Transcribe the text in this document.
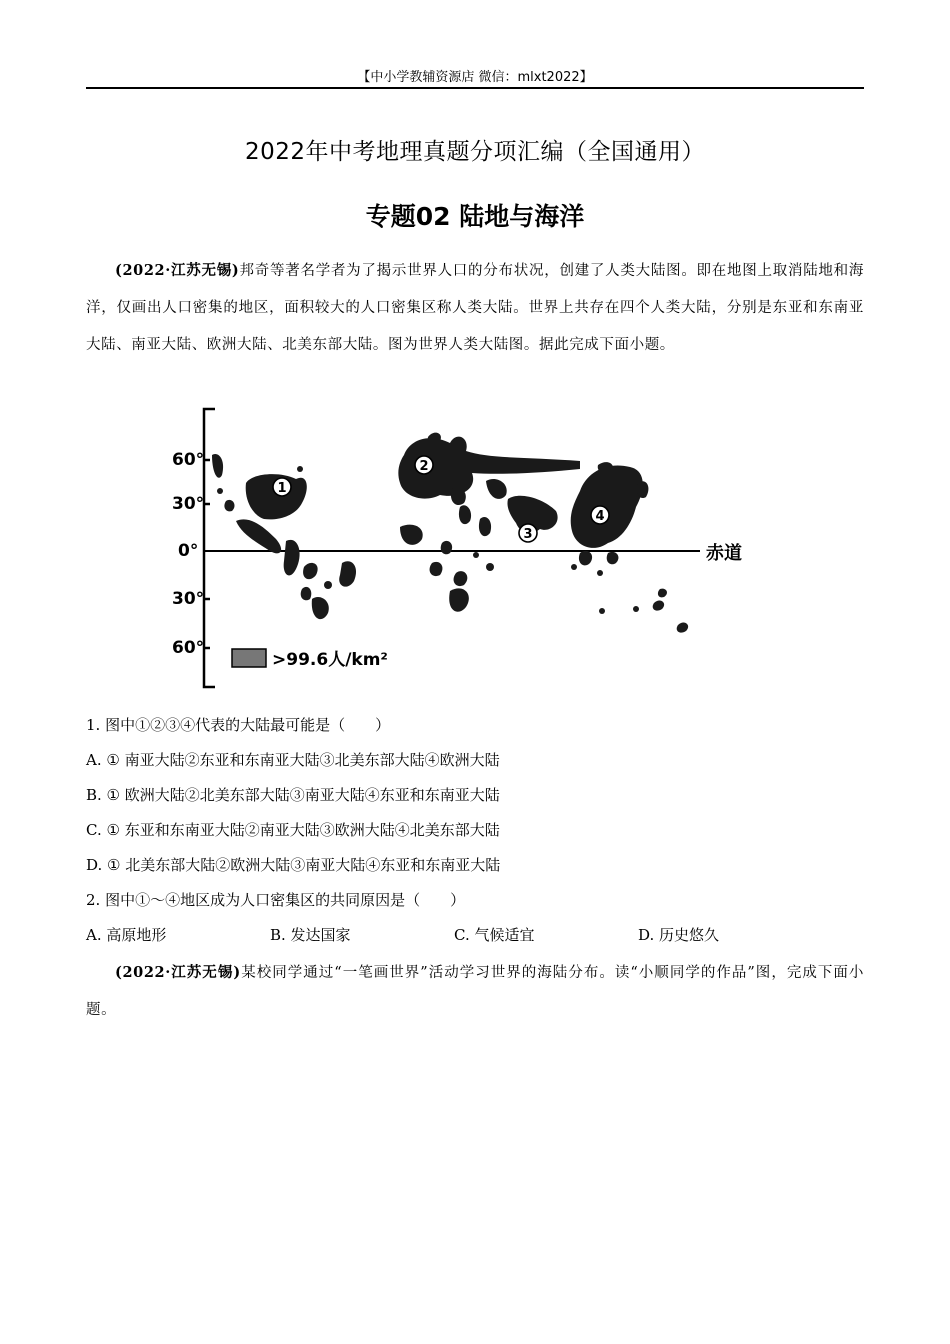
【中小学教辅资源店 微信：mlxt2022】
2022年中考地理真题分项汇编（全国通用）
专题02 陆地与海洋
(2022·江苏无锡)邦奇等著名学者为了揭示世界人口的分布状况，创建了人类大陆图。即在地图上取消陆地和海洋，仅画出人口密集的地区，面积较大的人口密集区称人类大陆。世界上共存在四个人类大陆，分别是东亚和东南亚大陆、南亚大陆、欧洲大陆、北美东部大陆。图为世界人类大陆图。据此完成下面小题。
60°
30°
0°
30°
60°
赤道
1
2
3
4
>99.6人/km²
1. 图中①②③④代表的大陆最可能是（　　）
A. ① 南亚大陆②东亚和东南亚大陆③北美东部大陆④欧洲大陆
B. ① 欧洲大陆②北美东部大陆③南亚大陆④东亚和东南亚大陆
C. ① 东亚和东南亚大陆②南亚大陆③欧洲大陆④北美东部大陆
D. ① 北美东部大陆②欧洲大陆③南亚大陆④东亚和东南亚大陆
2. 图中①～④地区成为人口密集区的共同原因是（　　）
A. 高原地形	B. 发达国家	C. 气候适宜	D. 历史悠久
(2022·江苏无锡)某校同学通过“一笔画世界”活动学习世界的海陆分布。读“小顺同学的作品”图，完成下面小题。
